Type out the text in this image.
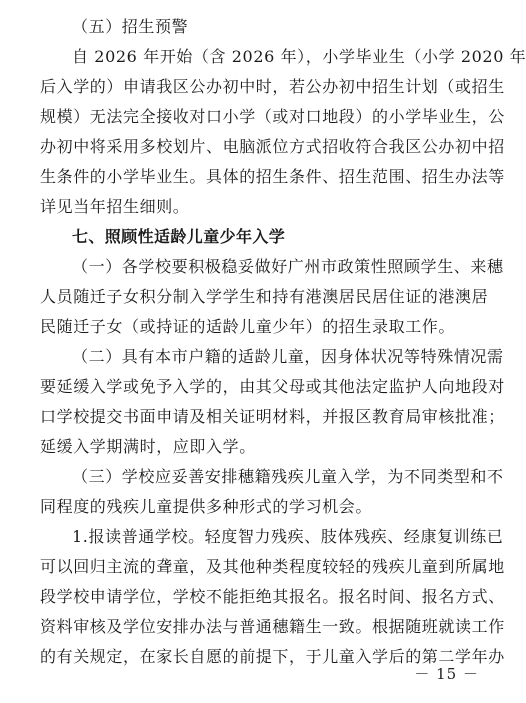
（五）招生预警
自 2026 年开始（含 2026 年），小学毕业生（小学 2020 年
后入学的）申请我区公办初中时，若公办初中招生计划（或招生
规模）无法完全接收对口小学（或对口地段）的小学毕业生，公
办初中将采用多校划片、电脑派位方式招收符合我区公办初中招
生条件的小学毕业生。具体的招生条件、招生范围、招生办法等
详见当年招生细则。
七、照顾性适龄儿童少年入学
（一）各学校要积极稳妥做好广州市政策性照顾学生、来穗
人员随迁子女积分制入学学生和持有港澳居民居住证的港澳居
民随迁子女（或持证的适龄儿童少年）的招生录取工作。
（二）具有本市户籍的适龄儿童，因身体状况等特殊情况需
要延缓入学或免予入学的，由其父母或其他法定监护人向地段对
口学校提交书面申请及相关证明材料，并报区教育局审核批准；
延缓入学期满时，应即入学。
（三）学校应妥善安排穗籍残疾儿童入学，为不同类型和不
同程度的残疾儿童提供多种形式的学习机会。
1.报读普通学校。轻度智力残疾、肢体残疾、经康复训练已
可以回归主流的聋童，及其他种类程度较轻的残疾儿童到所属地
段学校申请学位，学校不能拒绝其报名。报名时间、报名方式、
资料审核及学位安排办法与普通穗籍生一致。根据随班就读工作
的有关规定，在家长自愿的前提下，于儿童入学后的第二学年办
－ 15 －
